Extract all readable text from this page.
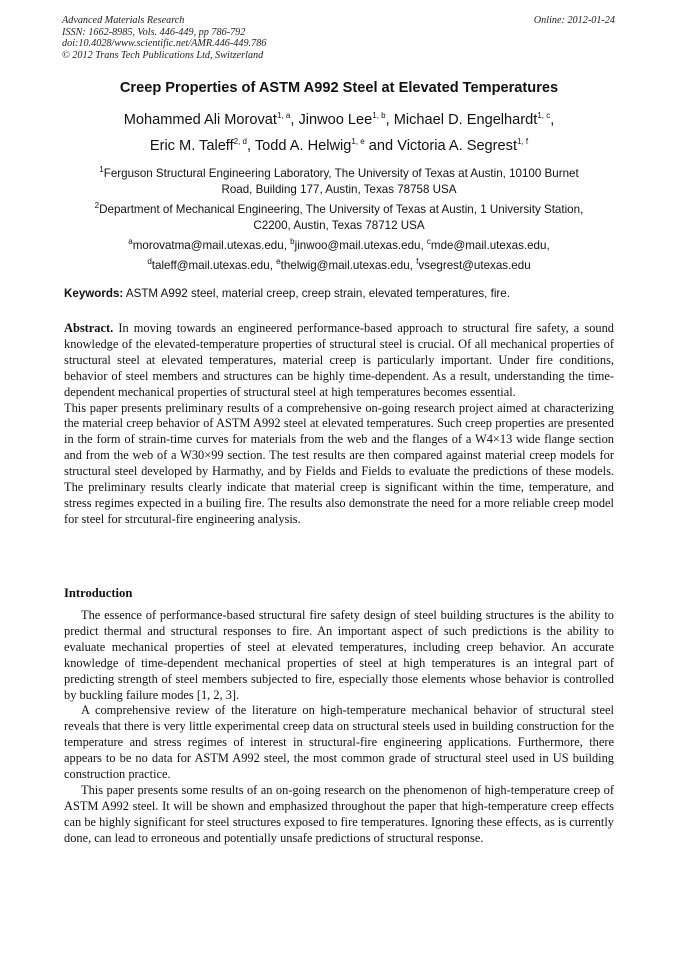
Advanced Materials Research
ISSN: 1662-8985, Vols. 446-449, pp 786-792
doi:10.4028/www.scientific.net/AMR.446-449.786
© 2012 Trans Tech Publications Ltd, Switzerland
Online: 2012-01-24
Creep Properties of ASTM A992 Steel at Elevated Temperatures
Mohammed Ali Morovat$^{1, a}$, Jinwoo Lee$^{1, b}$, Michael D. Engelhardt$^{1, c}$,
Eric M. Taleff$^{2, d}$, Todd A. Helwig$^{1, e}$ and Victoria A. Segrest$^{1, f}$
$^1$Ferguson Structural Engineering Laboratory, The University of Texas at Austin, 10100 Burnet
Road, Building 177, Austin, Texas 78758 USA
$^2$Department of Mechanical Engineering, The University of Texas at Austin, 1 University Station,
C2200, Austin, Texas 78712 USA
$^a$morovatma@mail.utexas.edu, $^b$jinwoo@mail.utexas.edu, $^c$mde@mail.utexas.edu,
$^d$taleff@mail.utexas.edu, $^e$thelwig@mail.utexas.edu, $^f$vsegrest@utexas.edu
Keywords: ASTM A992 steel, material creep, creep strain, elevated temperatures, fire.

Abstract. In moving towards an engineered performance-based approach to structural fire safety, a sound knowledge of the elevated-temperature properties of structural steel is crucial. Of all mechanical properties of structural steel at elevated temperatures, material creep is particularly important. Under fire conditions, behavior of steel members and structures can be highly time-dependent. As a result, understanding the time-dependent mechanical properties of structural steel at high temperatures becomes essential.

This paper presents preliminary results of a comprehensive on-going research project aimed at characterizing the material creep behavior of ASTM A992 steel at elevated temperatures. Such creep properties are presented in the form of strain-time curves for materials from the web and the flanges of a W4×13 wide flange section and from the web of a W30×99 section. The test results are then compared against material creep models for structural steel developed by Harmathy, and by Fields and Fields to evaluate the predictions of these models. The preliminary results clearly indicate that material creep is significant within the time, temperature, and stress regimes expected in a builing fire. The results also demonstrate the need for a more reliable creep model for steel for strcutural-fire engineering analysis.

Introduction

The essence of performance-based structural fire safety design of steel building structures is the ability to predict thermal and structural responses to fire. An important aspect of such predictions is the ability to evaluate mechanical properties of steel at elevated temperatures, including creep behavior. An accurate knowledge of time-dependent mechanical properties of steel at high temperatures is an integral part of predicting strength of steel members subjected to fire, especially those elements whose behavior is controlled by buckling failure modes [1, 2, 3].

A comprehensive review of the literature on high-temperature mechanical behavior of structural steel reveals that there is very little experimental creep data on structural steels used in building construction for the temperature and stress regimes of interest in structural-fire engineering applications. Furthermore, there appears to be no data for ASTM A992 steel, the most common grade of structural steel used in US building construction practice.

This paper presents some results of an on-going research on the phenomenon of high-temperature creep of ASTM A992 steel. It will be shown and emphasized throughout the paper that high-temperature creep effects can be highly significant for steel structures exposed to fire temperatures. Ignoring these effects, as is currently done, can lead to erroneous and potentially unsafe predictions of structural response.
